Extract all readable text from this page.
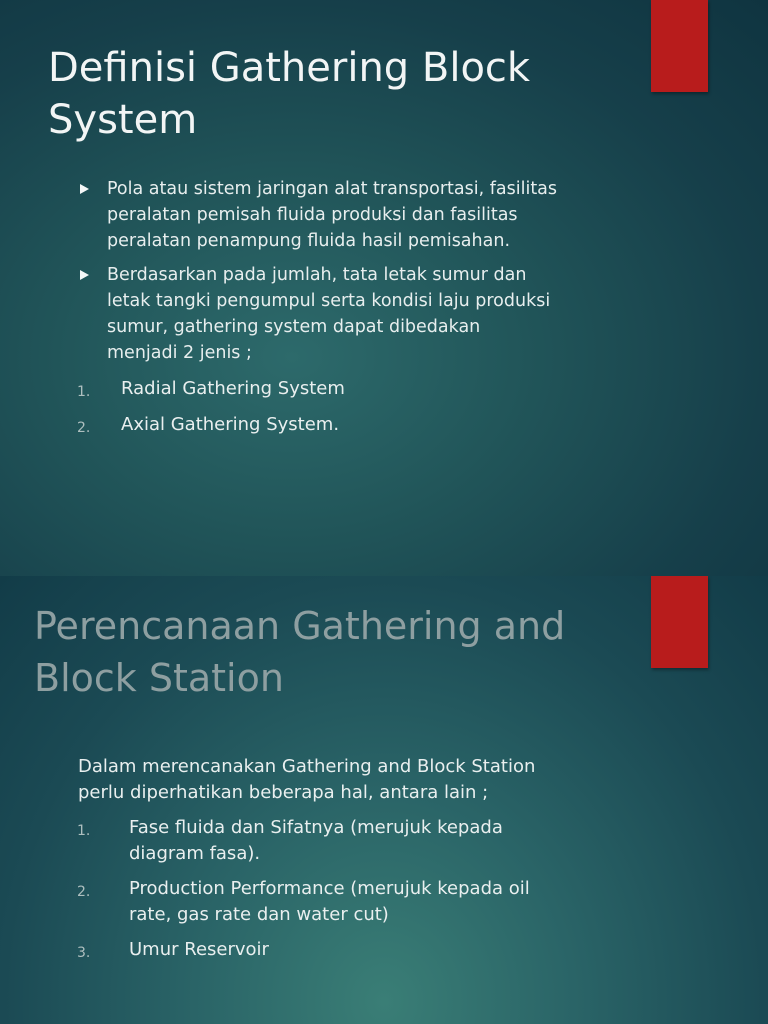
Definisi Gathering Block
System
Pola atau sistem jaringan alat transportasi, fasilitas
peralatan pemisah fluida produksi dan fasilitas
peralatan penampung fluida hasil pemisahan.
Berdasarkan pada jumlah, tata letak sumur dan
letak tangki pengumpul serta kondisi laju produksi
sumur, gathering system dapat dibedakan
menjadi 2 jenis ;
1. Radial Gathering System
2. Axial Gathering System.
Perencanaan Gathering and
Block Station

Dalam merencanakan Gathering and Block Station
perlu diperhatikan beberapa hal, antara lain ;

1. Fase fluida dan Sifatnya (merujuk kepada
diagram fasa).
2. Production Performance (merujuk kepada oil
rate, gas rate dan water cut)
3. Umur Reservoir
